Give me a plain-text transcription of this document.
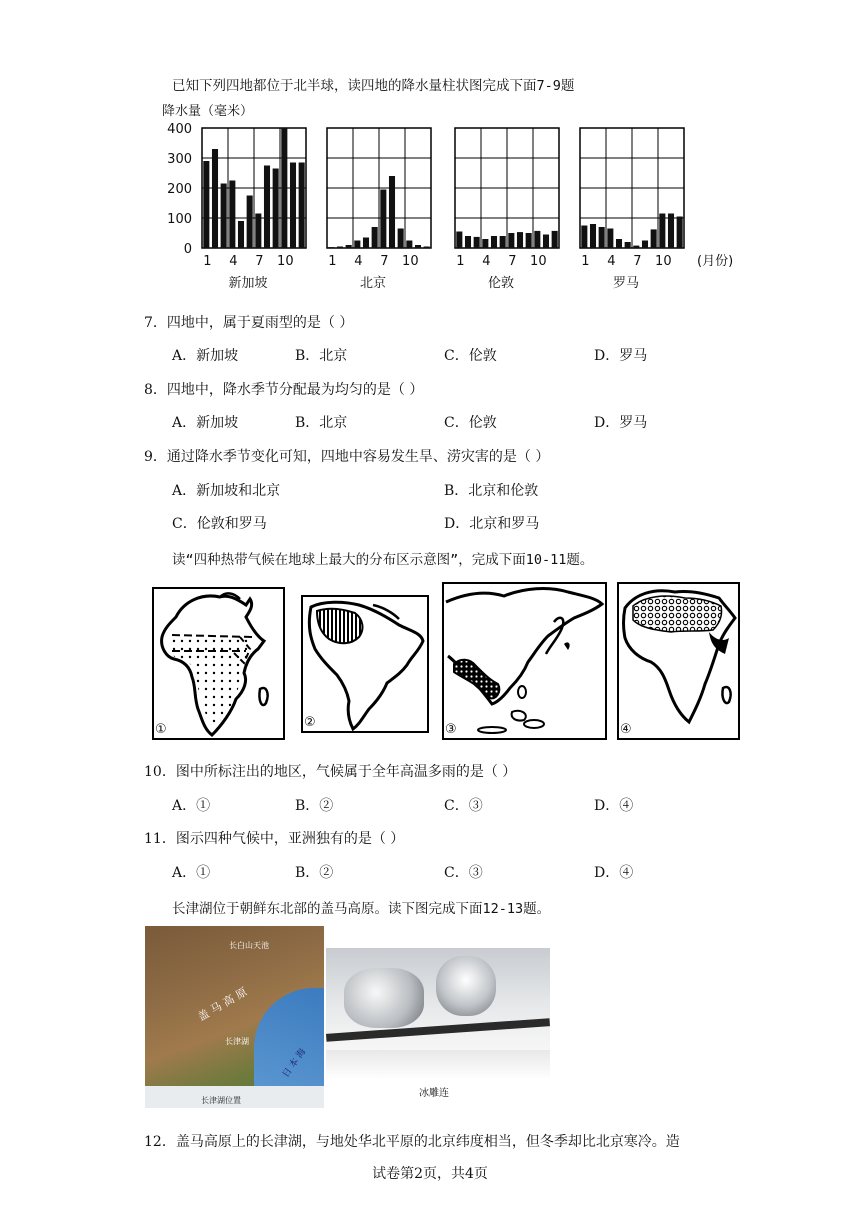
已知下列四地都位于北半球，读四地的降水量柱状图完成下面7-9题
降水量（毫米）
400
300
200
100
0
1 4 7 10
新加坡
1 4 7 10
北京
1 4 7 10
伦敦
1 4 7 10
罗马
(月份)
7．四地中，属于夏雨型的是（ ）
A．新加坡	B．北京	C．伦敦	D．罗马
8．四地中，降水季节分配最为均匀的是（ ）
A．新加坡	B．北京	C．伦敦	D．罗马
9．通过降水季节变化可知，四地中容易发生旱、涝灾害的是（ ）
A．新加坡和北京	B．北京和伦敦
C．伦敦和罗马	D．北京和罗马
读“四种热带气候在地球上最大的分布区示意图”，完成下面10-11题。
①	②	③	④
10．图中所标注出的地区，气候属于全年高温多雨的是（ ）
A．①	B．②	C．③	D．④
11．图示四种气候中，亚洲独有的是（ ）
A．①	B．②	C．③	D．④
长津湖位于朝鲜东北部的盖马高原。读下图完成下面12-13题。
长白山天池
长津湖
盖 马 高 原
日 本 海
长津湖位置
冰雕连
12．盖马高原上的长津湖，与地处华北平原的北京纬度相当，但冬季却比北京寒冷。造
试卷第2页，共4页
